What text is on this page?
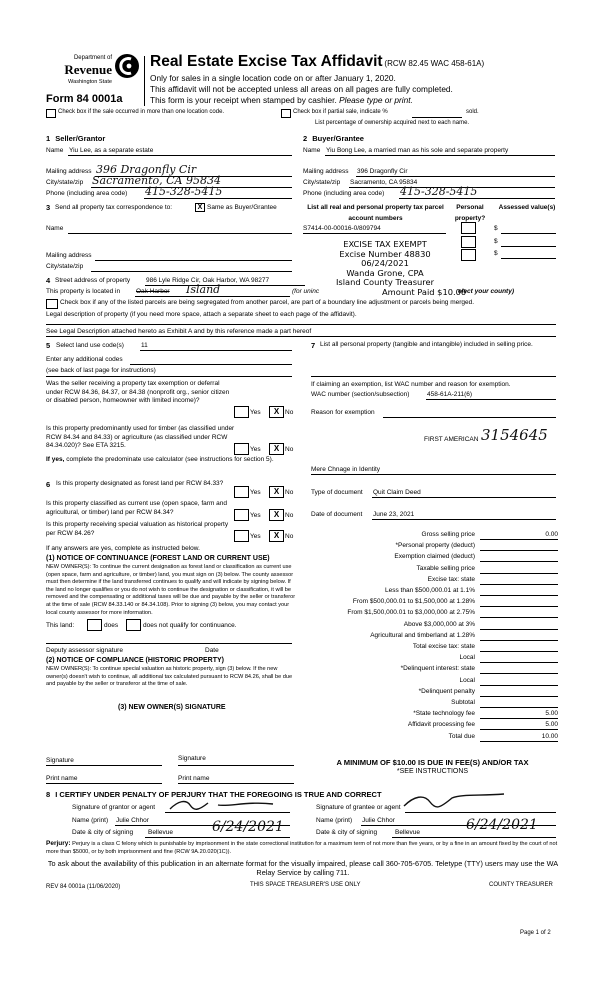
Department of
Revenue
Washington State
Form 84 0001a
Real Estate Excise Tax Affidavit (RCW 82.45 WAC 458-61A)
Only for sales in a single location code on or after January 1, 2020.
This affidavit will not be accepted unless all areas on all pages are fully completed.
This form is your receipt when stamped by cashier. Please type or print.
Check box if the sale occurred in more than one location code.	Check box if partial sale, indicate %	sold.
List percentage of ownership acquired next to each name.
1 Seller/Grantor
Name Yiu Lee, as a separate estate
Mailing address 396 Dragonfly Cir
City/state/zip Sacramento, CA 95834
Phone (including area code) 415-328-5415
2 Buyer/Grantee
Name Yiu Bong Lee, a married man as his sole and separate property
Mailing address 396 Dragonfly Cir
City/state/zip Sacramento, CA 95834
Phone (including area code) 415-328-5415
3 Send all property tax correspondence to:	X Same as Buyer/Grantee
Name
Mailing address
City/state/zip
List all real and personal property tax parcel account numbers
Personal property?
Assessed value(s)
S7414-00-00016-0/809794	$
$
$
EXCISE TAX EXEMPT
Excise Number 48830
06/24/2021
Wanda Grone, CPA
Island County Treasurer
Amount Paid $10.00
4 Street address of property 986 Lyle Ridge Cir, Oak Harbor, WA 98277
This property is located in Oak Harbor Island	(for uninc	elect your county)
Check box if any of the listed parcels are being segregated from another parcel, are part of a boundary line adjustment or parcels being merged.
Legal description of property (if you need more space, attach a separate sheet to each page of the affidavit).
See Legal Description attached hereto as Exhibit A and by this reference made a part hereof
5 Select land use code(s)	11
Enter any additional codes
(see back of last page for instructions)
Was the seller receiving a property tax exemption or deferral under RCW 84.36, 84.37, or 84.38 (nonprofit org., senior citizen or disabled person, homeowner with limited income)?
Yes	X No
Is this property predominantly used for timber (as classified under RCW 84.34 and 84.33) or agriculture (as classified under RCW 84.34.020)? See ETA 3215.
Yes	X No
If yes, complete the predominate use calculator (see instructions for section 5).
6 Is this property designated as forest land per RCW 84.33?
Yes	X No
Is this property classified as current use (open space, farm and agricultural, or timber) land per RCW 84.34?	Yes	X No
Is this property receiving special valuation as historical property per RCW 84.26?	Yes	X No
If any answers are yes, complete as instructed below.
(1) NOTICE OF CONTINUANCE (FOREST LAND OR CURRENT USE)
NEW OWNER(S): To continue the current designation as forest land or classification as current use (open space, farm and agriculture, or timber) land, you must sign on (3) below. The county assessor must then determine if the land transferred continues to qualify and will indicate by signing below. If the land no longer qualifies or you do not wish to continue the designation or classification, it will be removed and the compensating or additional taxes will be due and payable by the seller or transferor at the time of sale (RCW 84.33.140 or 84.34.108). Prior to signing (3) below, you may contact your local county assessor for more information.
This land:	does	does not qualify for continuance.
Deputy assessor signature	Date
(2) NOTICE OF COMPLIANCE (HISTORIC PROPERTY)
NEW OWNER(S): To continue special valuation as historic property, sign (3) below. If the new owner(s) doesn't wish to continue, all additional tax calculated pursuant to RCW 84.26, shall be due and payable by the seller or transferor at the time of sale.
(3) NEW OWNER(S) SIGNATURE
Signature	Signature
Print name	Print name
7 List all personal property (tangible and intangible) included in selling price.
If claiming an exemption, list WAC number and reason for exemption.
WAC number (section/subsection)	458-61A-211(6)
Reason for exemption
FIRST AMERICAN 3154645
Mere Chnage in Identity
Type of document Quit Claim Deed
Date of document June 23, 2021
Gross selling price	0.00
*Personal property (deduct)
Exemption claimed (deduct)
Taxable selling price
Excise tax: state
Less than $500,000.01 at 1.1%
From $500,000.01 to $1,500,000 at 1.28%
From $1,500,000.01 to $3,000,000 at 2.75%
Above $3,000,000 at 3%
Agricultural and timberland at 1.28%
Total excise tax: state
Local
*Delinquent interest: state
Local
*Delinquent penalty
Subtotal
*State technology fee	5.00
Affidavit processing fee	5.00
Total due	10.00
A MINIMUM OF $10.00 IS DUE IN FEE(S) AND/OR TAX
*SEE INSTRUCTIONS
8 I CERTIFY UNDER PENALTY OF PERJURY THAT THE FOREGOING IS TRUE AND CORRECT
Signature of grantor or agent
Name (print) Julie Chhor
Date & city of signing Bellevue	6/24/2021
Signature of grantee or agent
Name (print) Julie Chhor
Date & city of signing	Bellevue	6/24/2021
Perjury: Perjury is a class C felony which is punishable by imprisonment in the state correctional institution for a maximum term of not more than five years, or by a fine in an amount fixed by the court of not more than $5000, or by both imprisonment and fine (RCW 9A.20.020(1C)).
To ask about the availability of this publication in an alternate format for the visually impaired, please call 360-705-6705. Teletype (TTY) users may use the WA Relay Service by calling 711.
REV 84 0001a (11/06/2020)	THIS SPACE TREASURER'S USE ONLY	COUNTY TREASURER
Page 1 of 2
